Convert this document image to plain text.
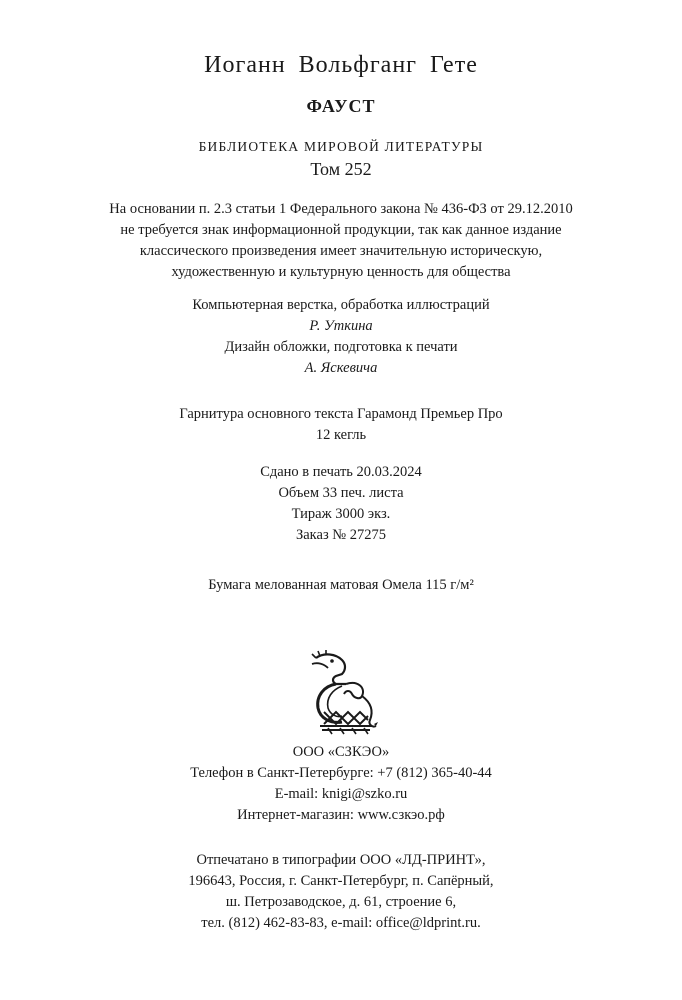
Иоганн Вольфганг Гете
ФАУСТ
БИБЛИОТЕКА МИРОВОЙ ЛИТЕРАТУРЫ
Том 252
На основании п. 2.3 статьи 1 Федерального закона № 436-ФЗ от 29.12.2010
не требуется знак информационной продукции, так как данное издание
классического произведения имеет значительную историческую,
художественную и культурную ценность для общества
Компьютерная верстка, обработка иллюстраций
Р. Уткина
Дизайн обложки, подготовка к печати
А. Яскевича
Гарнитура основного текста Гарамонд Премьер Про
12 кегль
Сдано в печать 20.03.2024
Объем 33 печ. листа
Тираж 3000 экз.
Заказ № 27275
Бумага мелованная матовая Омела 115 г/м²
ООО «СЗКЭО»
Телефон в Санкт-Петербурге: +7 (812) 365-40-44
E-mail: knigi@szko.ru
Интернет-магазин: www.сзкэо.рф
Отпечатано в типографии ООО «ЛД-ПРИНТ»,
196643, Россия, г. Санкт-Петербург, п. Сапёрный,
ш. Петрозаводское, д. 61, строение 6,
тел. (812) 462-83-83, e-mail: office@ldprint.ru.
